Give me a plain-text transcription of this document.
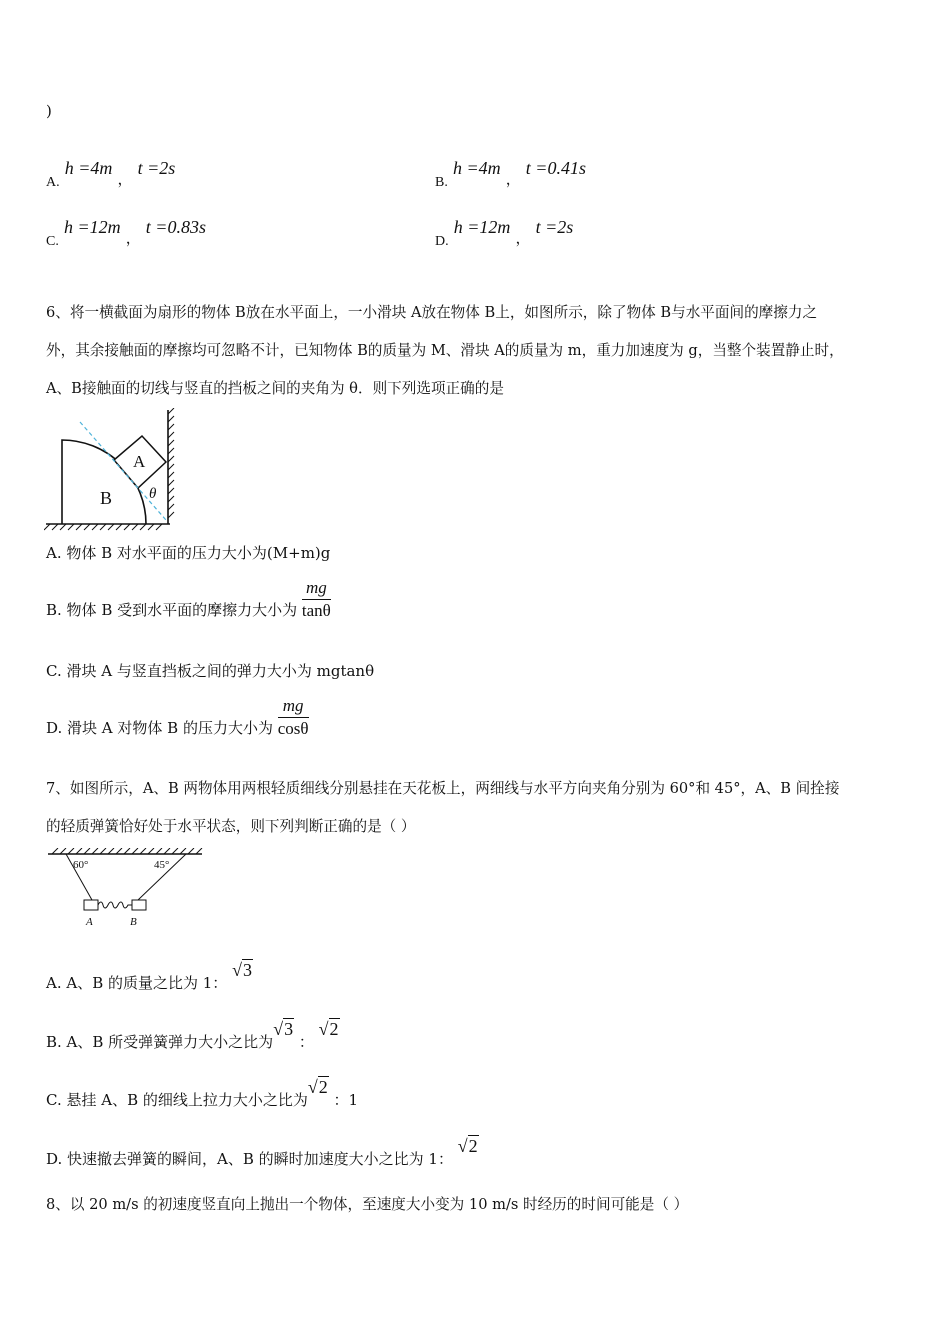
)
A. h =4m ， t =2s
B. h =4m ， t =0.41s
C. h =12m ， t =0.83s
D. h =12m ， t =2s
6、将一横截面为扇形的物体 B放在水平面上，一小滑块 A放在物体 B上，如图所示，除了物体 B与水平面间的摩擦力之
外，其余接触面的摩擦均可忽略不计，已知物体 B的质量为 M、滑块 A的质量为 m，重力加速度为 g，当整个装置静止时，
A、B接触面的切线与竖直的挡板之间的夹角为 θ．则下列选项正确的是
B
A
θ
A. 物体 B 对水平面的压力大小为(M+m)g
B. 物体 B 受到水平面的摩擦力大小为 $\frac{mg}{\tan\theta}$
C. 滑块 A 与竖直挡板之间的弹力大小为 mgtanθ
D. 滑块 A 对物体 B 的压力大小为 $\frac{mg}{\cos\theta}$
7、如图所示，A、B 两物体用两根轻质细线分别悬挂在天花板上，两细线与水平方向夹角分别为 60°和 45°，A、B 间拴接
的轻质弹簧恰好处于水平状态，则下列判断正确的是（ ）
60°	45°
A	B
A. A、B 的质量之比为 1： √3
B. A、B 所受弹簧弹力大小之比为√3 ： √2
C. 悬挂 A、B 的细线上拉力大小之比为√2 ：1
D. 快速撤去弹簧的瞬间，A、B 的瞬时加速度大小之比为 1： √2
8、以 20 m/s 的初速度竖直向上抛出一个物体，至速度大小变为 10 m/s 时经历的时间可能是（ ）
